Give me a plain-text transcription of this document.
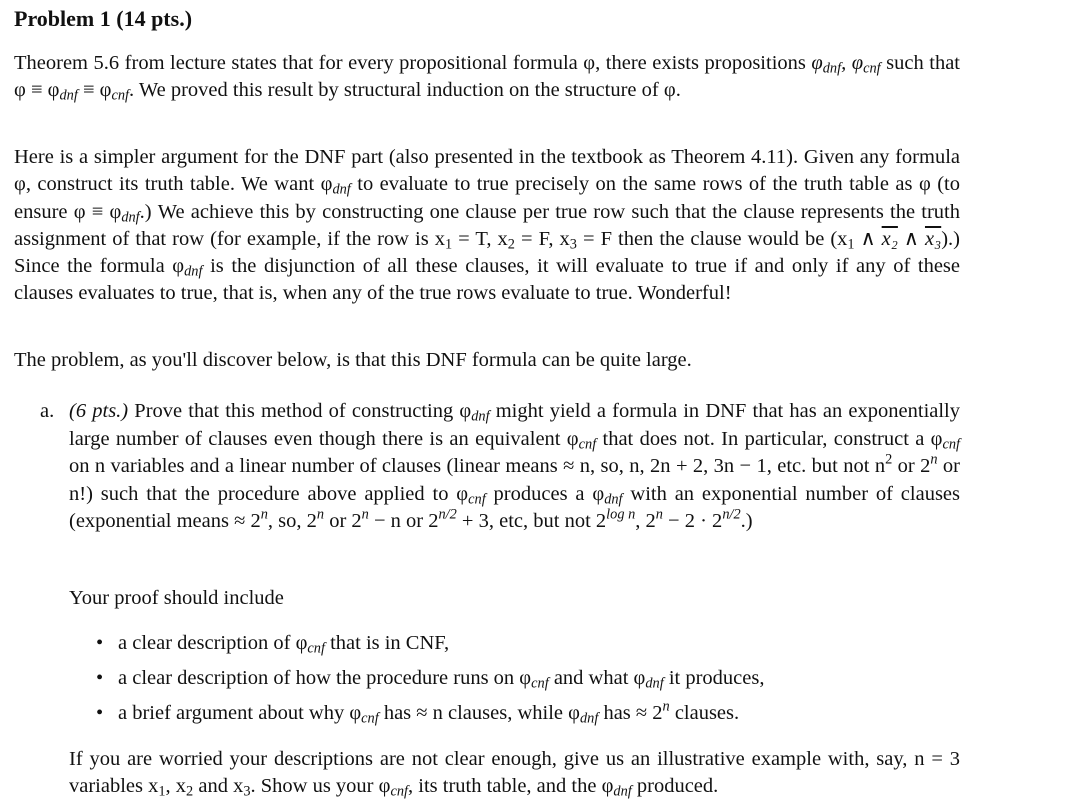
Problem 1 (14 pts.)

Theorem 5.6 from lecture states that for every propositional formula φ, there exists propositions $\varphi_{dnf}$, $\varphi_{cnf}$ such that $\varphi \equiv \varphi_{dnf} \equiv \varphi_{cnf}$. We proved this result by structural induction on the structure of φ.

Here is a simpler argument for the DNF part (also presented in the textbook as Theorem 4.11). Given any formula φ, construct its truth table. We want $\varphi_{dnf}$ to evaluate to true precisely on the same rows of the truth table as φ (to ensure $\varphi \equiv \varphi_{dnf}$.) We achieve this by constructing one clause per true row such that the clause represents the truth assignment of that row (for example, if the row is $x_1 = T$, $x_2 = F$, $x_3 = F$ then the clause would be ($x_1$ ∧ x₂ ∧ x₃).) Since the formula $\varphi_{dnf}$ is the disjunction of all these clauses, it will evaluate to true if and only if any of these clauses evaluates to true, that is, when any of the true rows evaluate to true. Wonderful!

The problem, as you'll discover below, is that this DNF formula can be quite large.

a. (6 pts.) Prove that this method of constructing $\varphi_{dnf}$ might yield a formula in DNF that has an exponentially large number of clauses even though there is an equivalent $\varphi_{cnf}$ that does not. In particular, construct a $\varphi_{cnf}$ on n variables and a linear number of clauses (linear means ≈ n, so, n, 2n + 2, 3n − 1, etc. but not $n^2$ or 2$^n$ or n!) such that the procedure above applied to $\varphi_{cnf}$ produces a $\varphi_{dnf}$ with an exponential number of clauses (exponential means ≈ $2^n$, so, 2$^n$ or $2^n - n$ or $2^{n/2} + 3$, etc, but not $2^{log n}$, $2^n - 2 \cdot 2^{n/2}$.)

Your proof should include

• a clear description of $\varphi_{cnf}$ that is in CNF,

• a clear description of how the procedure runs on $\varphi_{cnf}$ and what $\varphi_{dnf}$ it produces,

• a brief argument about why $\varphi_{cnf}$ has ≈ n clauses, while $\varphi_{dnf}$ has ≈ $2^n$ clauses.

If you are worried your descriptions are not clear enough, give us an illustrative example with, say, n = 3 variables $x_1$, $x_2$ and $x_3$. Show us your $\varphi_{cnf}$, its truth table, and the $\varphi_{dnf}$ produced.
